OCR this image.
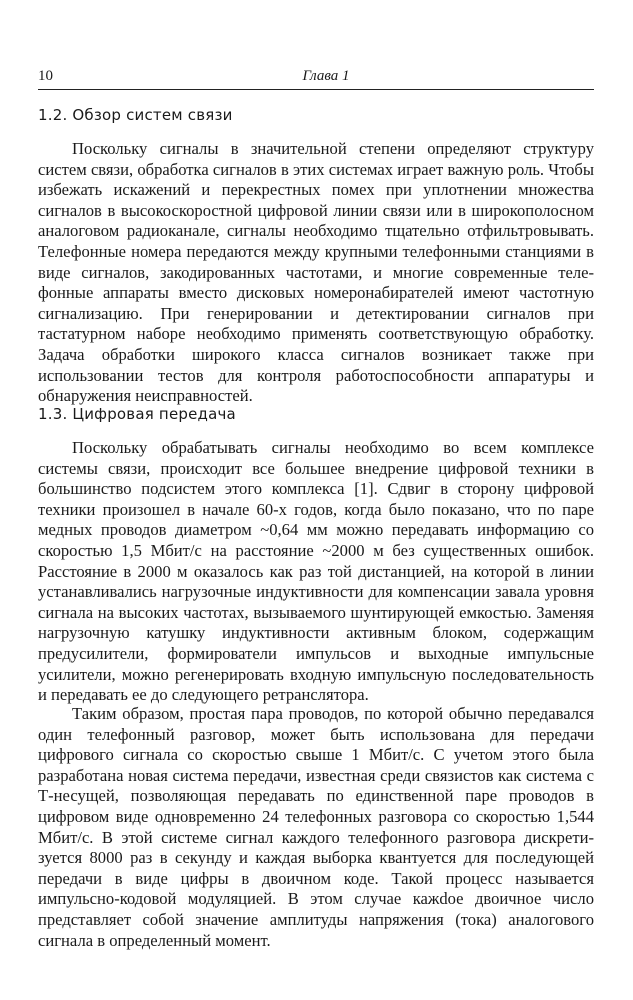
10	Глава 1
1.2. Обзор систем связи

Поскольку сигналы в значительной степени определяют структуру систем связи, обработка сигналов в этих системах играет важную роль. Чтобы избежать искажений и перекрестных помех при уплотнении множества сигналов в высокоскоростной цифровой линии связи или в широкополосном аналоговом радиоканале, сигналы необходимо тщательно отфильтровывать. Телефонные номера передаются между крупными телефонными станциями в виде сигналов, закодированных частотами, и многие современные телефонные аппараты вместо дисковых номеронабирателей имеют частотную сигнализацию. При генерировании и детектировании сигналов при тастатурном наборе необходимо применять соответствующую обработку. Задача обработки широкого класса сигналов возникает также при использовании тестов для контроля работоспособности аппаратуры и обнаружения неисправностей.

1.3. Цифровая передача

Поскольку обрабатывать сигналы необходимо во всем комплексе системы связи, происходит все большее внедрение цифровой техники в большинство подсистем этого комплекса [1]. Сдвиг в сторону цифровой техники произошел в начале 60-х годов, когда было показано, что по паре медных проводов диаметром ~0,64 мм можно передавать информацию со скоростью 1,5 Мбит/с на расстояние ~2000 м без существенных ошибок. Расстояние в 2000 м оказалось как раз той дистанцией, на которой в линии устанавливались нагрузочные индуктивности для компенсации завала уровня сигнала на высоких частотах, вызываемого шунтирующей емкостью. Заменяя нагрузочную катушку индуктивности активным блоком, содержащим предусилители, формирователи импульсов и выходные импульсные усилители, можно регенерировать входную импульсную последовательность и передавать ее до следующего ретранслятора.

Таким образом, простая пара проводов, по которой обычно передавался один телефонный разговор, может быть использована для передачи цифрового сигнала со скоростью свыше 1 Мбит/с. С учетом этого была разработана новая система передачи, известная среди связистов как система с Т-несущей, позволяющая передавать по единственной паре проводов в цифровом виде одновременно 24 телефонных разговора со скоростью 1,544 Мбит/с. В этой системе сигнал каждого телефонного разговора дискретизуется 8000 раз в секунду и каждая выборка квантуется для последующей передачи в виде цифры в двоичном коде. Такой процесс называется импульсно-кодовой модуляцией. В этом случае кажdое двоичное число представляет собой значение амплитуды напряжения (тока) аналогового сигнала в определенный момент.
